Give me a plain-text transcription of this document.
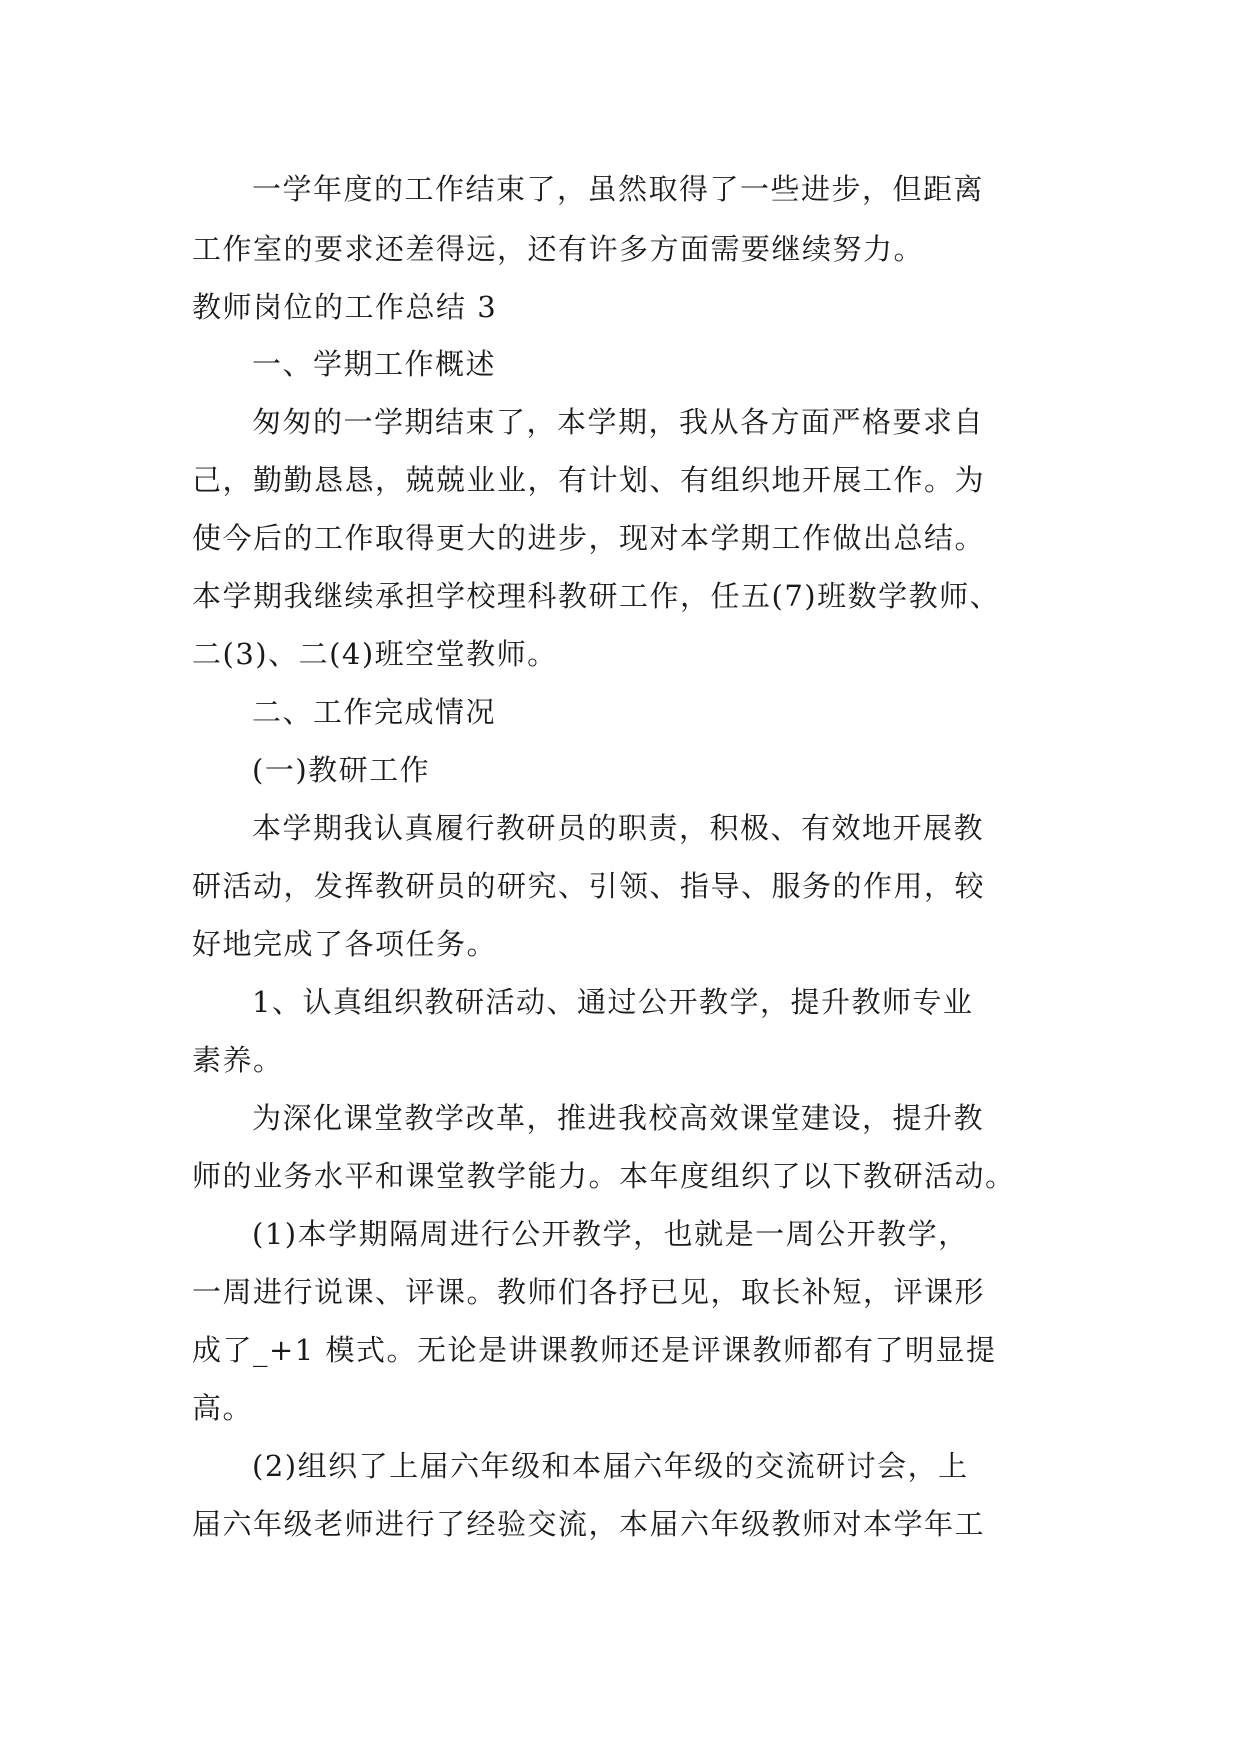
一学年度的工作结束了，虽然取得了一些进步，但距离
工作室的要求还差得远，还有许多方面需要继续努力。
教师岗位的工作总结 3
一、学期工作概述
匆匆的一学期结束了，本学期，我从各方面严格要求自
己，勤勤恳恳，兢兢业业，有计划、有组织地开展工作。为
使今后的工作取得更大的进步，现对本学期工作做出总结。
本学期我继续承担学校理科教研工作，任五(7)班数学教师、
二(3)、二(4)班空堂教师。
二、工作完成情况
(一)教研工作
本学期我认真履行教研员的职责，积极、有效地开展教
研活动，发挥教研员的研究、引领、指导、服务的作用，较
好地完成了各项任务。
1、认真组织教研活动、通过公开教学，提升教师专业
素养。
为深化课堂教学改革，推进我校高效课堂建设，提升教
师的业务水平和课堂教学能力。本年度组织了以下教研活动。
(1)本学期隔周进行公开教学，也就是一周公开教学，
一周进行说课、评课。教师们各抒已见，取长补短，评课形
成了_+1 模式。无论是讲课教师还是评课教师都有了明显提
高。
(2)组织了上届六年级和本届六年级的交流研讨会，上
届六年级老师进行了经验交流，本届六年级教师对本学年工
